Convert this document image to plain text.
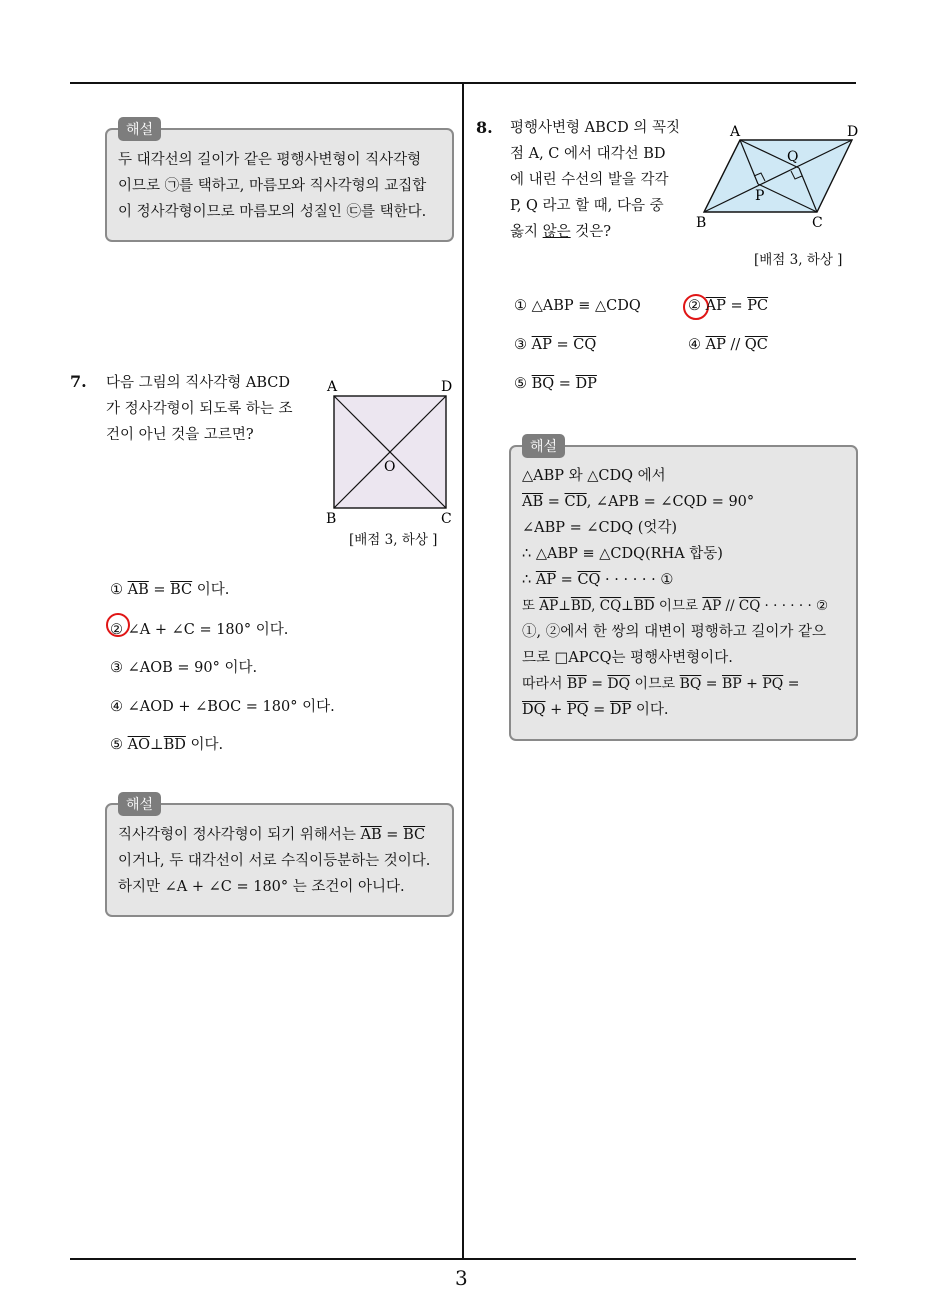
3
해설
두 대각선의 길이가 같은 평행사변형이 직사각형
이므로 ㉠를 택하고, 마름모와 직사각형의 교집합
이 정사각형이므로 마름모의 성질인 ㉢를 택한다.
7. 다음 그림의 직사각형 ABCD
가 정사각형이 되도록 하는 조
건이 아닌 것을 고르면?
A	D
O
B	C
[배점 3, 하상 ]
① $\overline{AB} = \overline{BC}$ 이다.
② ∠A + ∠C = 180° 이다.
③ ∠AOB = 90° 이다.
④ ∠AOD + ∠BOC = 180° 이다.
⑤ $\overline{AO}\perp\overline{BD}$ 이다.
해설
직사각형이 정사각형이 되기 위해서는 $\overline{AB} = \overline{BC}$
이거나, 두 대각선이 서로 수직이등분하는 것이다.
하지만 ∠A + ∠C = 180° 는 조건이 아니다.
8. 평행사변형 ABCD 의 꼭짓
점 A, C 에서 대각선 BD
에 내린 수선의 발을 각각
P, Q 라고 할 때, 다음 중
옳지 않은 것은?
A	D
Q
P
B	C
[배점 3, 하상 ]
① △ABP ≡ △CDQ	② $\overline{AP} = \overline{PC}$
③ $\overline{AP} = \overline{CQ}$	④ $\overline{AP} // \overline{QC}$
⑤ $\overline{BQ} = \overline{DP}$
해설
△ABP 와 △CDQ 에서
$\overline{AB} = \overline{CD}$, ∠APB = ∠CQD = 90°
∠ABP = ∠CDQ (엇각)
∴ △ABP ≡ △CDQ(RHA 합동)
∴ $\overline{AP} = \overline{CQ}$ · · · · · · ①
또 $\overline{AP}\perp\overline{BD}$, $\overline{CQ}\perp\overline{BD}$ 이므로 $\overline{AP} // \overline{CQ}$ · · · · · · ②
①, ②에서 한 쌍의 대변이 평행하고 길이가 같으
므로 □APCQ는 평행사변형이다.
따라서 $\overline{BP} = \overline{DQ}$ 이므로 $\overline{BQ} = \overline{BP} + \overline{PQ}$ =
$\overline{DQ} + \overline{PQ} = \overline{DP}$ 이다.
